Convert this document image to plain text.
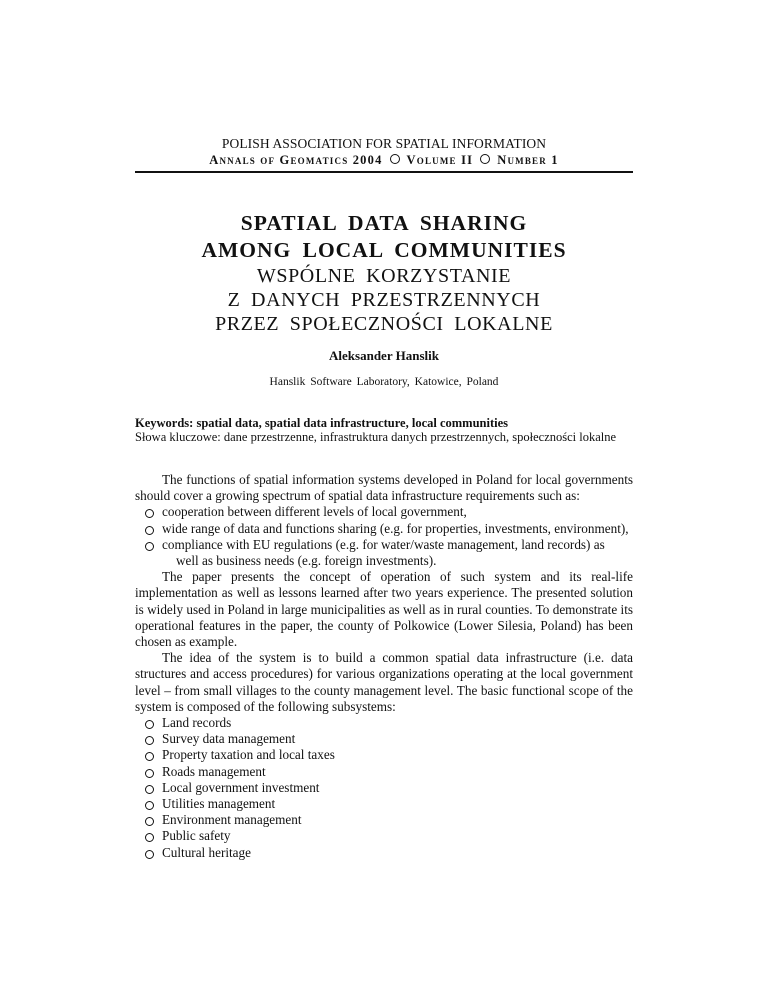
POLISH ASSOCIATION FOR SPATIAL INFORMATION
Annals of Geomatics 2004 Volume II Number 1
SPATIAL DATA SHARING
AMONG LOCAL COMMUNITIES
WSPÓLNE KORZYSTANIE
Z DANYCH PRZESTRZENNYCH
PRZEZ SPOŁECZNOŚCI LOKALNE
Aleksander Hanslik
Hanslik Software Laboratory, Katowice, Poland
Keywords: spatial data, spatial data infrastructure, local communities
Słowa kluczowe: dane przestrzenne, infrastruktura danych przestrzennych, społeczności lokalne

The functions of spatial information systems developed in Poland for local governments should cover a growing spectrum of spatial data infrastructure requirements such as:

cooperation between different levels of local government,
wide range of data and functions sharing (e.g. for properties, investments, environment),
compliance with EU regulations (e.g. for water/waste management, land records) as
well as business needs (e.g. foreign investments).

The paper presents the concept of operation of such system and its real-life implementation as well as lessons learned after two years experience. The presented solution is widely used in Poland in large municipalities as well as in rural counties. To demonstrate its operational features in the paper, the county of Polkowice (Lower Silesia, Poland) has been chosen as example.

The idea of the system is to build a common spatial data infrastructure (i.e. data structures and access procedures) for various organizations operating at the local government level – from small villages to the county management level. The basic functional scope of the system is composed of the following subsystems:

Land records
Survey data management
Property taxation and local taxes
Roads management
Local government investment
Utilities management
Environment management
Public safety
Cultural heritage
